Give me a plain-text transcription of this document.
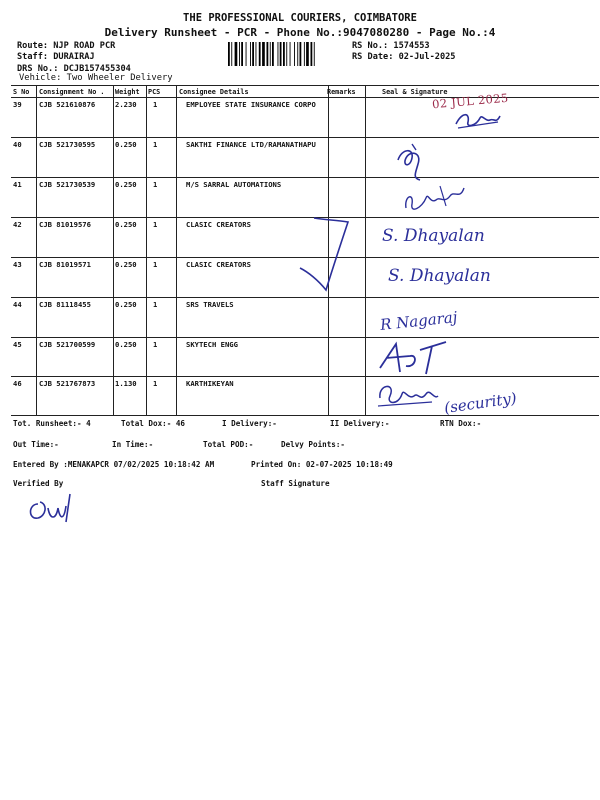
THE PROFESSIONAL COURIERS, COIMBATORE
Delivery Runsheet - PCR - Phone No.:9047080280 - Page No.:4
Route: NJP ROAD PCR
Staff: DURAIRAJ
DRS No.: DCJB157455304
Vehicle: Two Wheeler Delivery
RS No.: 1574553
RS Date: 02-Jul-2025
S No Consignment No . Weight PCS	Consignee Details	Remarks	Seal & Signature
39 CJB 521610876	2.230 1	EMPLOYEE STATE INSURANCE CORPO
40 CJB 521730595	0.250 1	SAKTHI FINANCE LTD/RAMANATHAPU
41 CJB 521730539	0.250 1	M/S SARRAL AUTOMATIONS
42 CJB 81019576	0.250 1	CLASIC CREATORS
43 CJB 81019571	0.250 1	CLASIC CREATORS
44 CJB 81118455	0.250 1	SRS TRAVELS
45 CJB 521700599	0.250 1	SKYTECH ENGG
46 CJB 521767873	1.130 1	KARTHIKEYAN
02 JUL 2025
S. Dhayalan
S. Dhayalan
R Nagaraj
(security)
Tot. Runsheet:- 4	Total Dox:- 46	I Delivery:-	II Delivery:-	RTN Dox:-
Out Time:-	In Time:-	Total POD:-	Delvy Points:-
Entered By :MENAKAPCR 07/02/2025 10:18:42 AM	Printed On: 02-07-2025 10:18:49
Verified By	Staff Signature
